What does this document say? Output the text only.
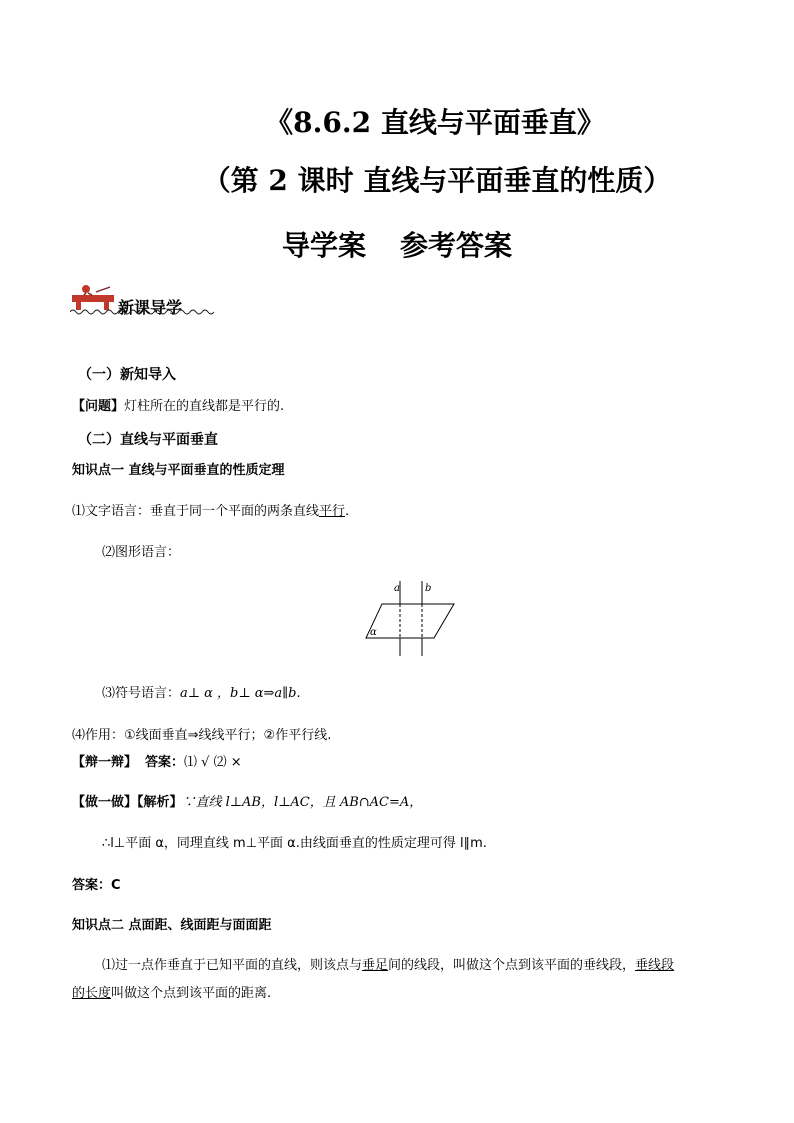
《8.6.2 直线与平面垂直》
（第 2 课时 直线与平面垂直的性质）
导学案 参考答案
新课导学
（一）新知导入
【问题】灯柱所在的直线都是平行的.
（二）直线与平面垂直
知识点一 直线与平面垂直的性质定理
⑴文字语言：垂直于同一个平面的两条直线平行.
⑵图形语言：
a	b
α
⑶符号语言：a⊥ α ，b⊥ α⇒a∥b.
⑷作用：①线面垂直⇒线线平行；②作平行线.
【辩一辩】 答案：⑴ √ ⑵ ×
【做一做】【解析】∵直线 l⊥AB，l⊥AC，且 AB∩AC=A，
∴l⊥平面 α，同理直线 m⊥平面 α.由线面垂直的性质定理可得 l∥m.
答案：C
知识点二 点面距、线面距与面面距
⑴过一点作垂直于已知平面的直线，则该点与垂足间的线段，叫做这个点到该平面的垂线段，垂线段
的长度叫做这个点到该平面的距离.
